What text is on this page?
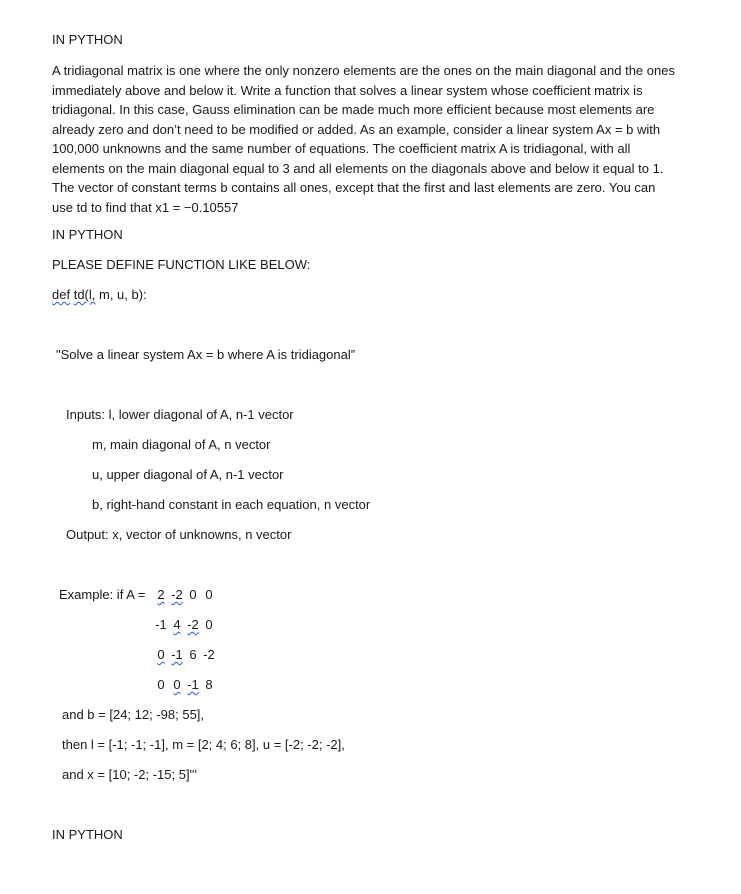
IN PYTHON
A tridiagonal matrix is one where the only nonzero elements are the ones on the main diagonal and the ones immediately above and below it. Write a function that solves a linear system whose coefficient matrix is tridiagonal. In this case, Gauss elimination can be made much more efficient because most elements are already zero and don’t need to be modified or added. As an example, consider a linear system Ax = b with 100,000 unknowns and the same number of equations. The coefficient matrix A is tridiagonal, with all elements on the main diagonal equal to 3 and all elements on the diagonals above and below it equal to 1. The vector of constant terms b contains all ones, except that the first and last elements are zero. You can use td to find that x1 = −0.10557
IN PYTHON
PLEASE DEFINE FUNCTION LIKE BELOW:
def td(l, m, u, b):
"Solve a linear system Ax = b where A is tridiagonal”
Inputs: l, lower diagonal of A, n-1 vector
m, main diagonal of A, n vector
u, upper diagonal of A, n-1 vector
b, right-hand constant in each equation, n vector
Output: x, vector of unknowns, n vector
Example: if A = 2 -2 0 0
-1 4 -2 0
0 -1 6 -2
0 0 -1 8
and b = [24; 12; -98; 55],
then l = [-1; -1; -1], m = [2; 4; 6; 8], u = [-2; -2; -2],
and x = [10; -2; -15; 5]'''
IN PYTHON
